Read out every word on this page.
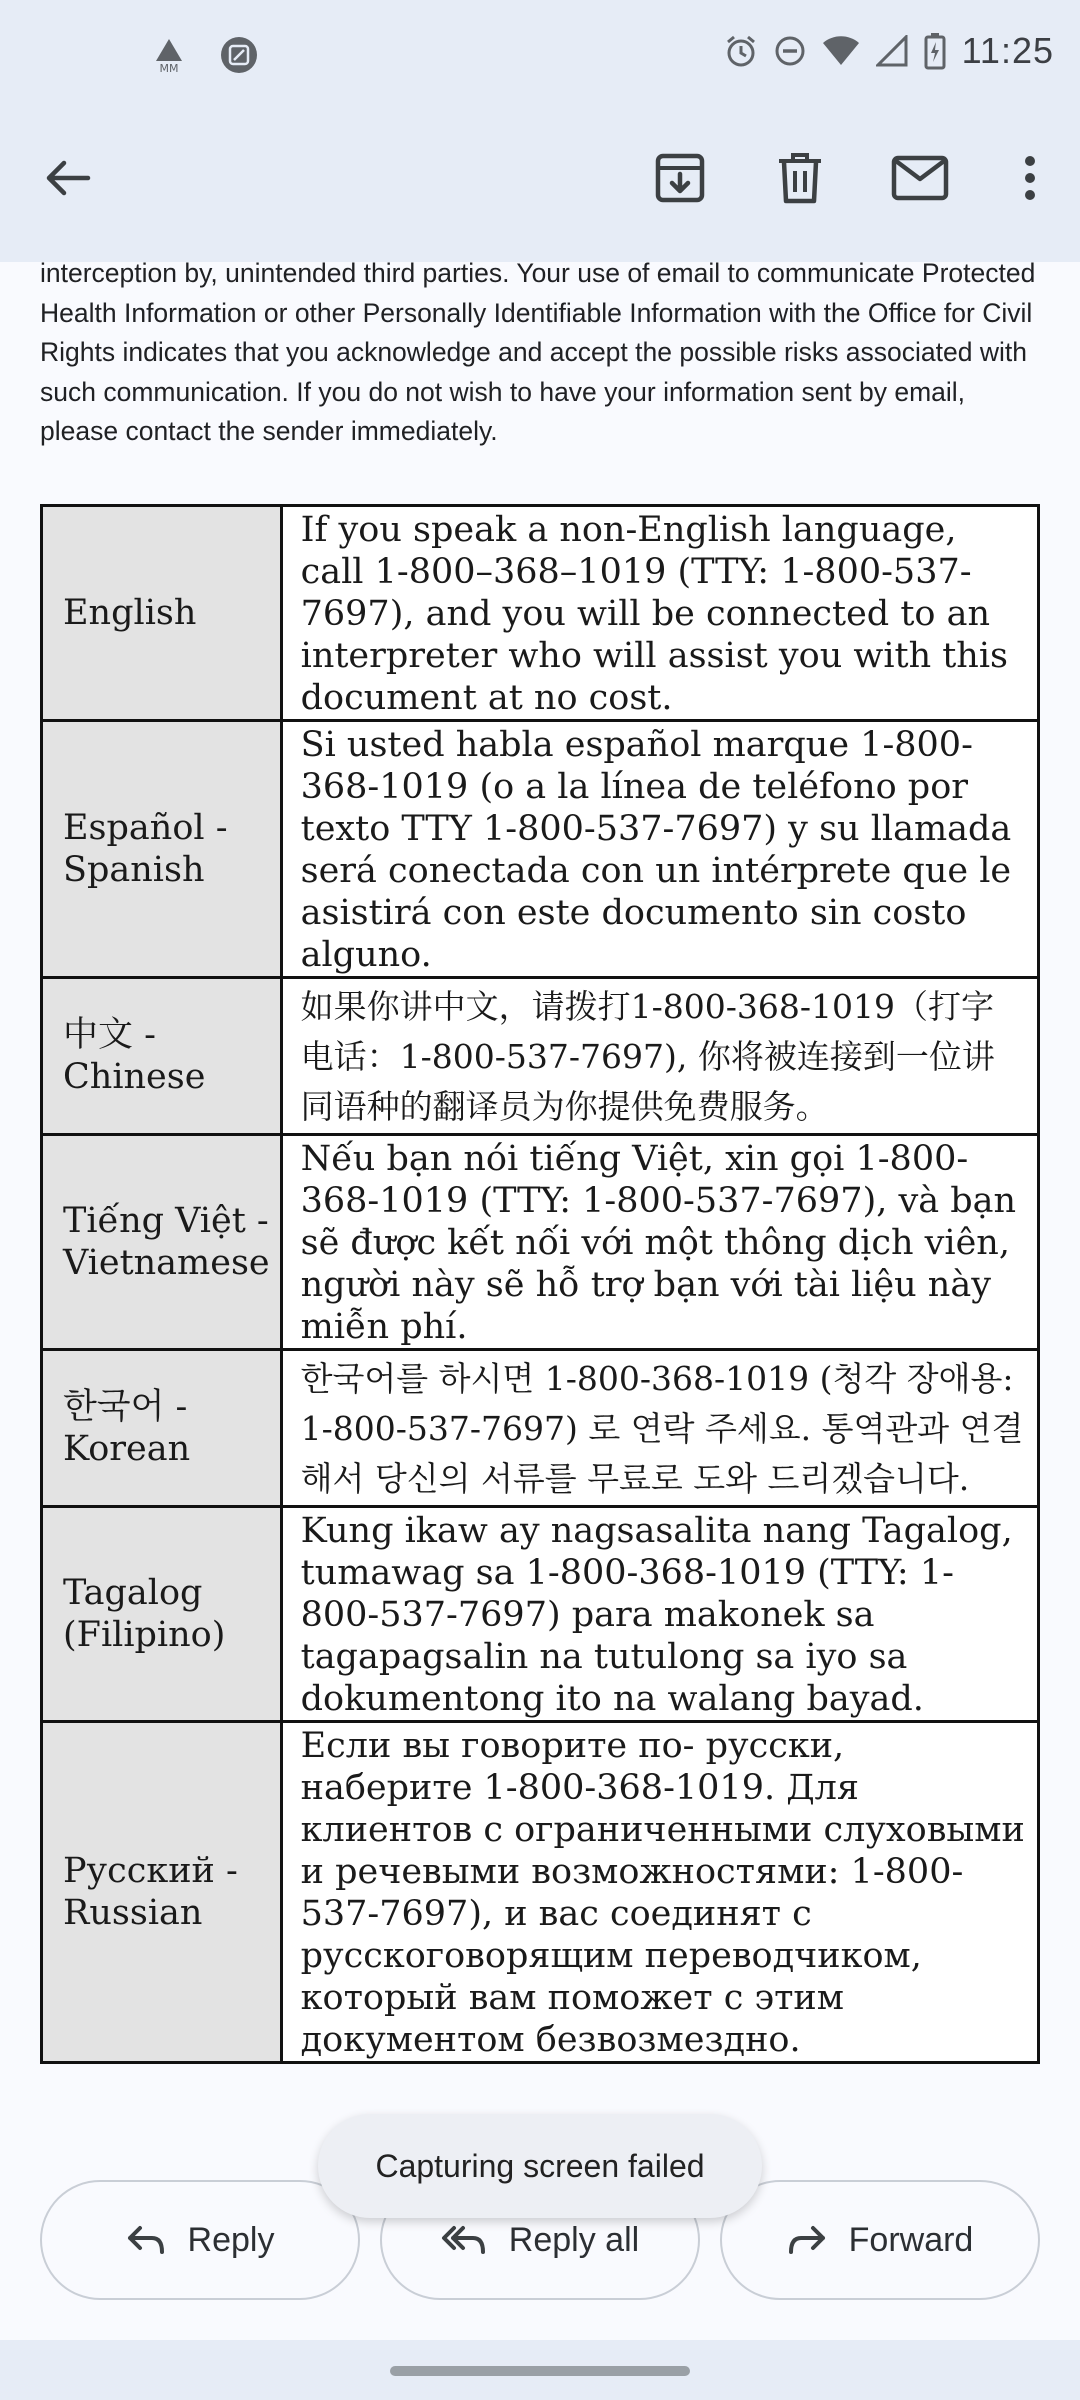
MM	11:25

interception by, unintended third parties. Your use of email to communicate Protected Health Information or other Personally Identifiable Information with the Office for Civil Rights indicates that you acknowledge and accept the possible risks associated with such communication. If you do not wish to have your information sent by email, please contact the sender immediately.

English	If you speak a non-English language, call 1-800–368–1019 (TTY: 1-800-537-7697), and you will be connected to an interpreter who will assist you with this document at no cost.
Español - Spanish	Si usted habla español marque 1-800-368-1019 (o a la línea de teléfono por texto TTY 1-800-537-7697) y su llamada será conectada con un intérprete que le asistirá con este documento sin costo alguno.
中文 - Chinese	如果你讲中文，请拨打1-800-368-1019（打字电话：1-800-537-7697), 你将被连接到一位讲同语种的翻译员为你提供免费服务。
Tiếng Việt - Vietnamese	Nếu bạn nói tiếng Việt, xin gọi 1-800-368-1019 (TTY: 1-800-537-7697), và bạn sẽ được kết nối với một thông dịch viên, người này sẽ hỗ trợ bạn với tài liệu này miễn phí.
한국어 - Korean	한국어를 하시면 1-800-368-1019 (청각 장애용: 1-800-537-7697) 로 연락 주세요. 통역관과 연결해서 당신의 서류를 무료로 도와 드리겠습니다.
Tagalog (Filipino)	Kung ikaw ay nagsasalita nang Tagalog, tumawag sa 1-800-368-1019 (TTY: 1-800-537-7697) para makonek sa tagapagsalin na tutulong sa iyo sa dokumentong ito na walang bayad.
Русский - Russian	Если вы говорите по- русски, наберите 1-800-368-1019. Для клиентов с ограниченными слуховыми и речевыми возможностями: 1-800-537-7697), и вас соединят с русскоговорящим переводчиком, который вам поможет с этим документом безвозмездно.
Capturing screen failed
Reply	Reply all	Forward
